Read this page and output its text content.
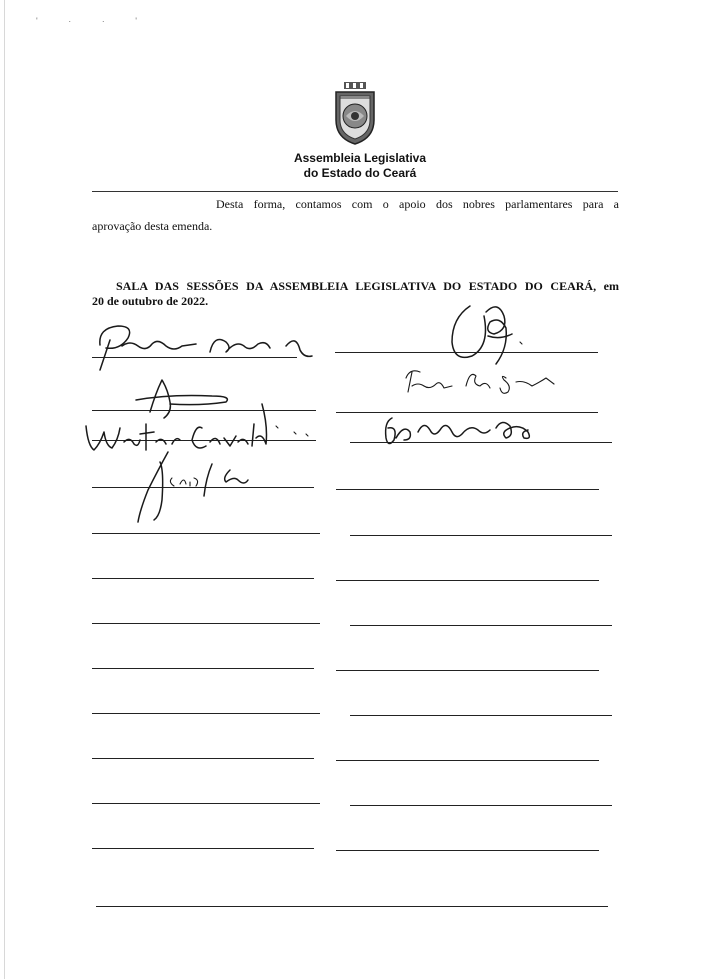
' · · '
Assembleia Legislativa
do Estado do Ceará
Desta forma, contamos com o apoio dos nobres parlamentares para a
aprovação desta emenda.
SALA DAS SESSÕES DA ASSEMBLEIA LEGISLATIVA DO ESTADO DO CEARÁ, em
20 de outubro de 2022.
